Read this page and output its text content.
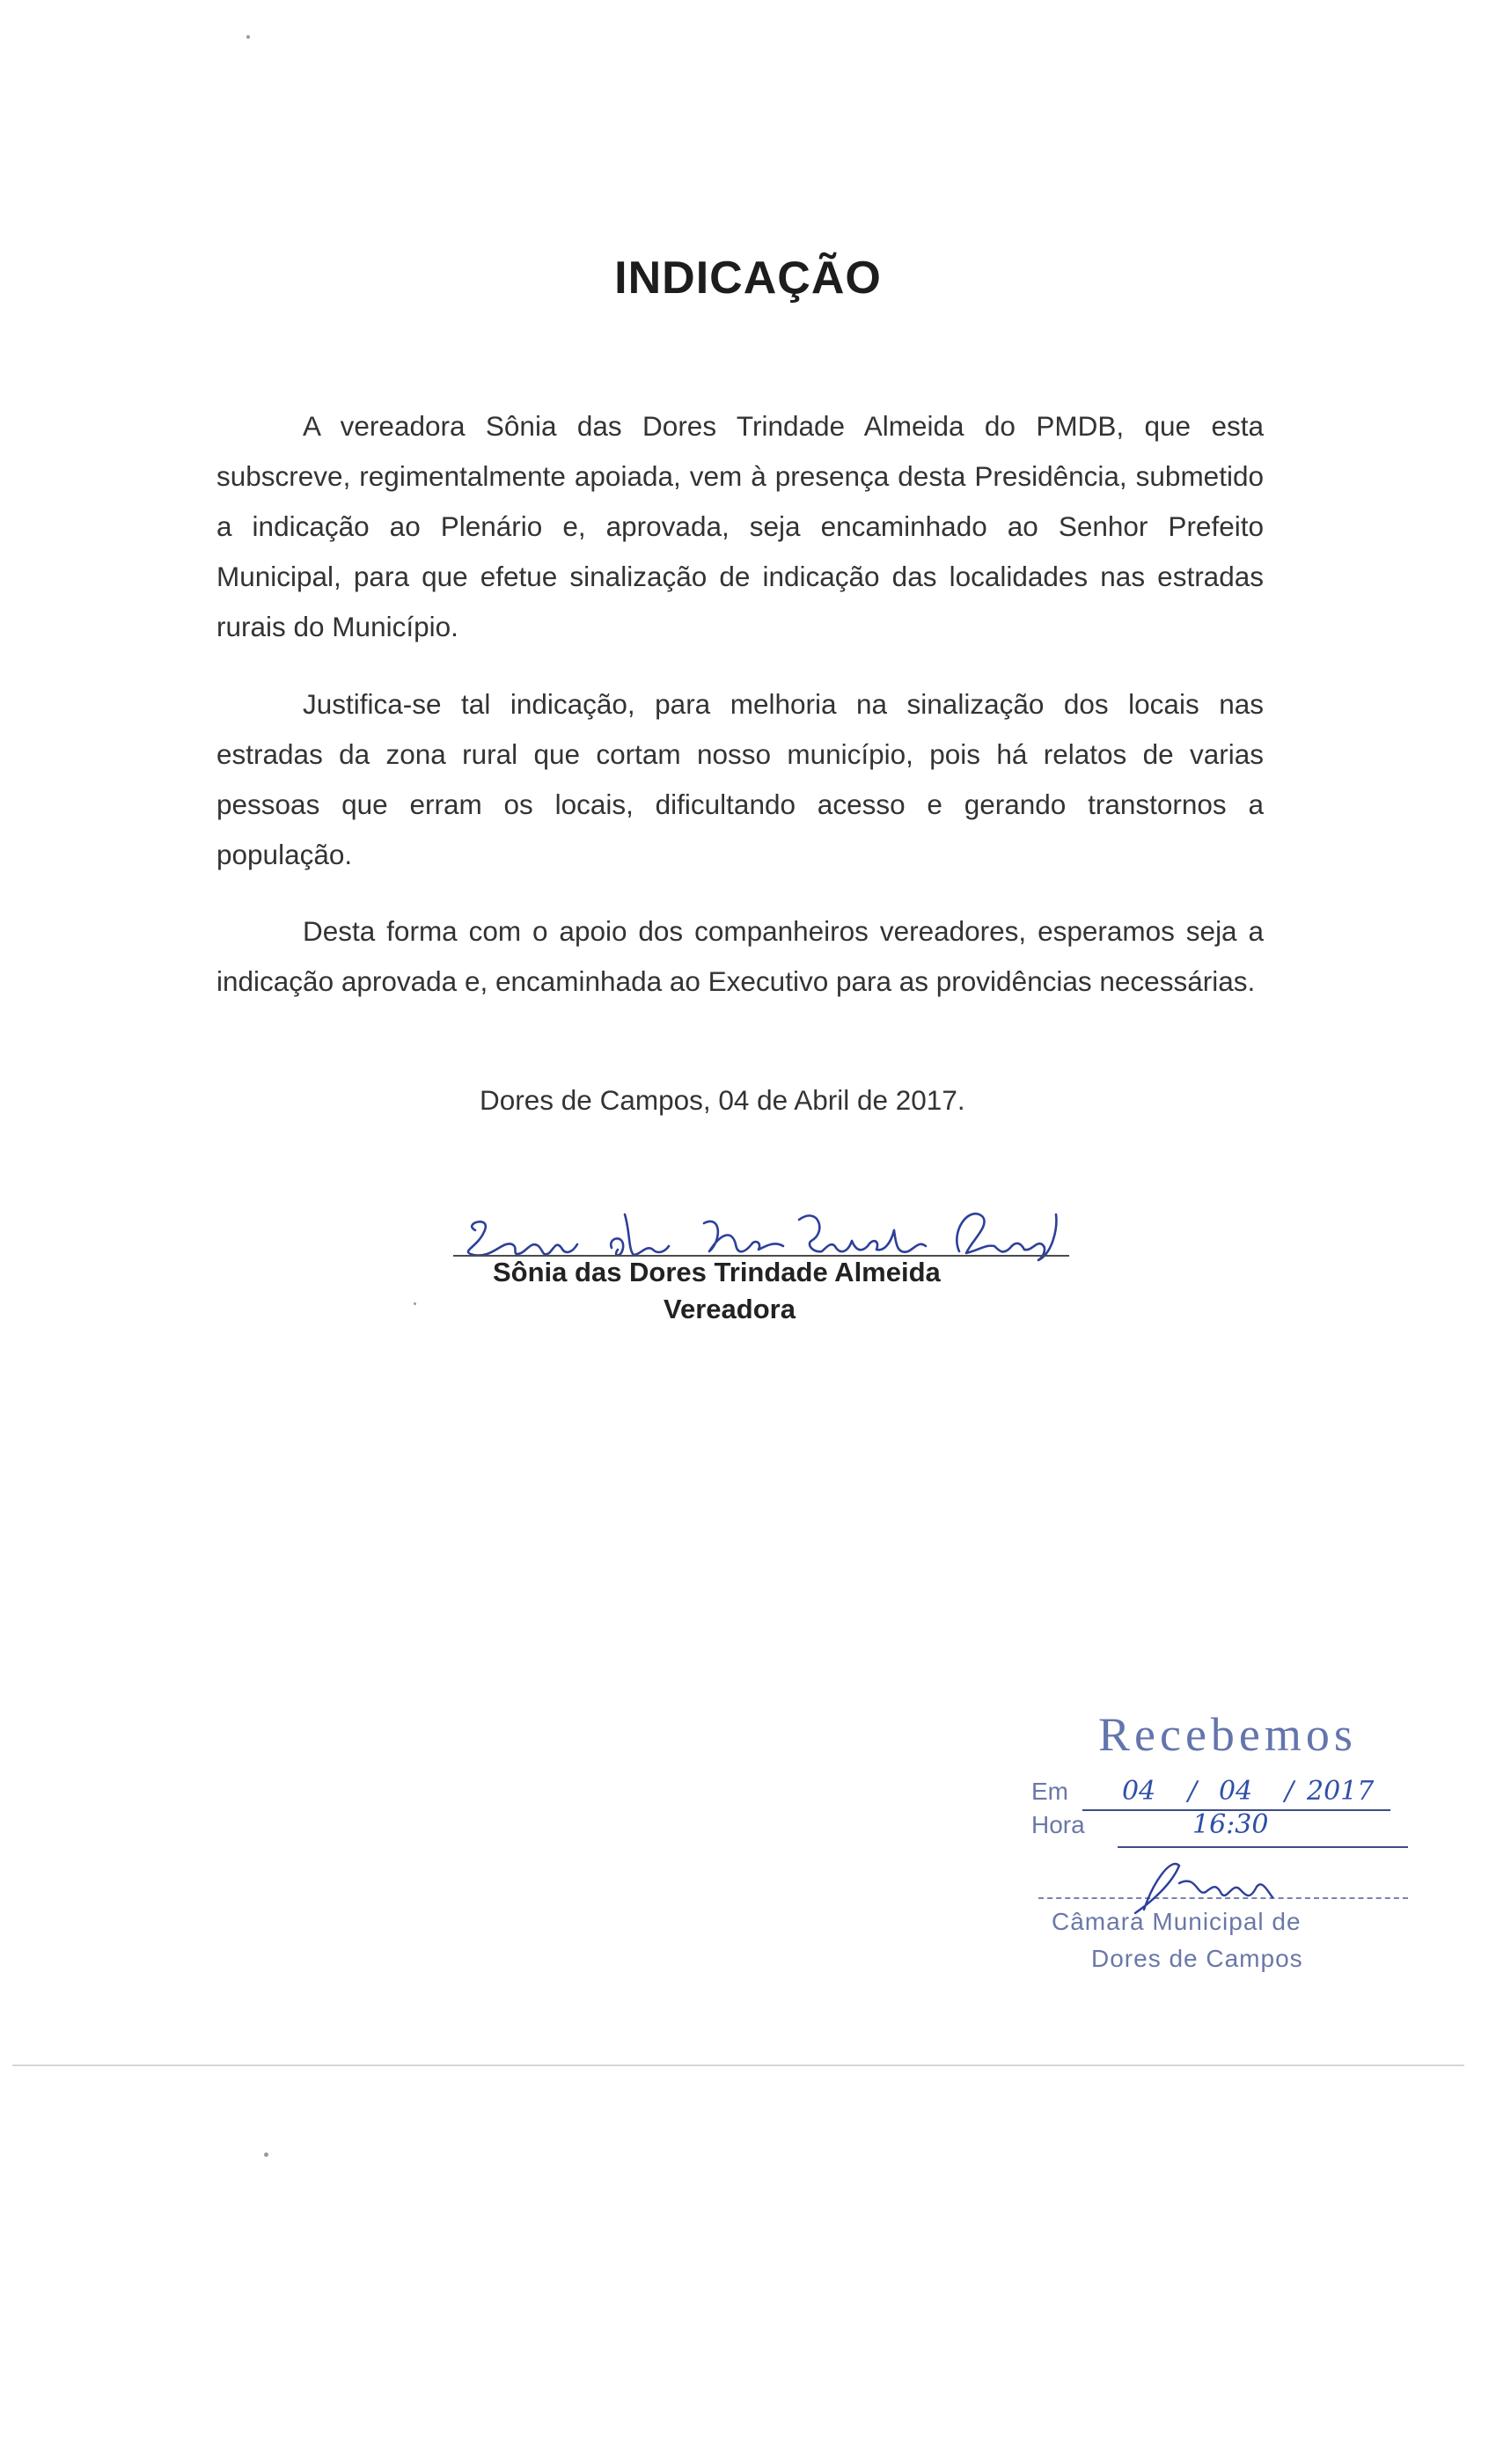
INDICAÇÃO

A vereadora Sônia das Dores Trindade Almeida do PMDB, que esta subscreve, regimentalmente apoiada, vem à presença desta Presidência, submetido a indicação ao Plenário e, aprovada, seja encaminhado ao Senhor Prefeito Municipal, para que efetue sinalização de indicação das localidades nas estradas rurais do Município.

Justifica-se tal indicação, para melhoria na sinalização dos locais nas estradas da zona rural que cortam nosso município, pois há relatos de varias pessoas que erram os locais, dificultando acesso e gerando transtornos a população.

Desta forma com o apoio dos companheiros vereadores, esperamos seja a indicação aprovada e, encaminhada ao Executivo para as providências necessárias.

Dores de Campos, 04 de Abril de 2017.
Sônia das Dores Trindade Almeida
Vereadora
Recebemos
Em 04 / 04 / 2017
Hora	16:30
Câmara Municipal de
Dores de Campos
